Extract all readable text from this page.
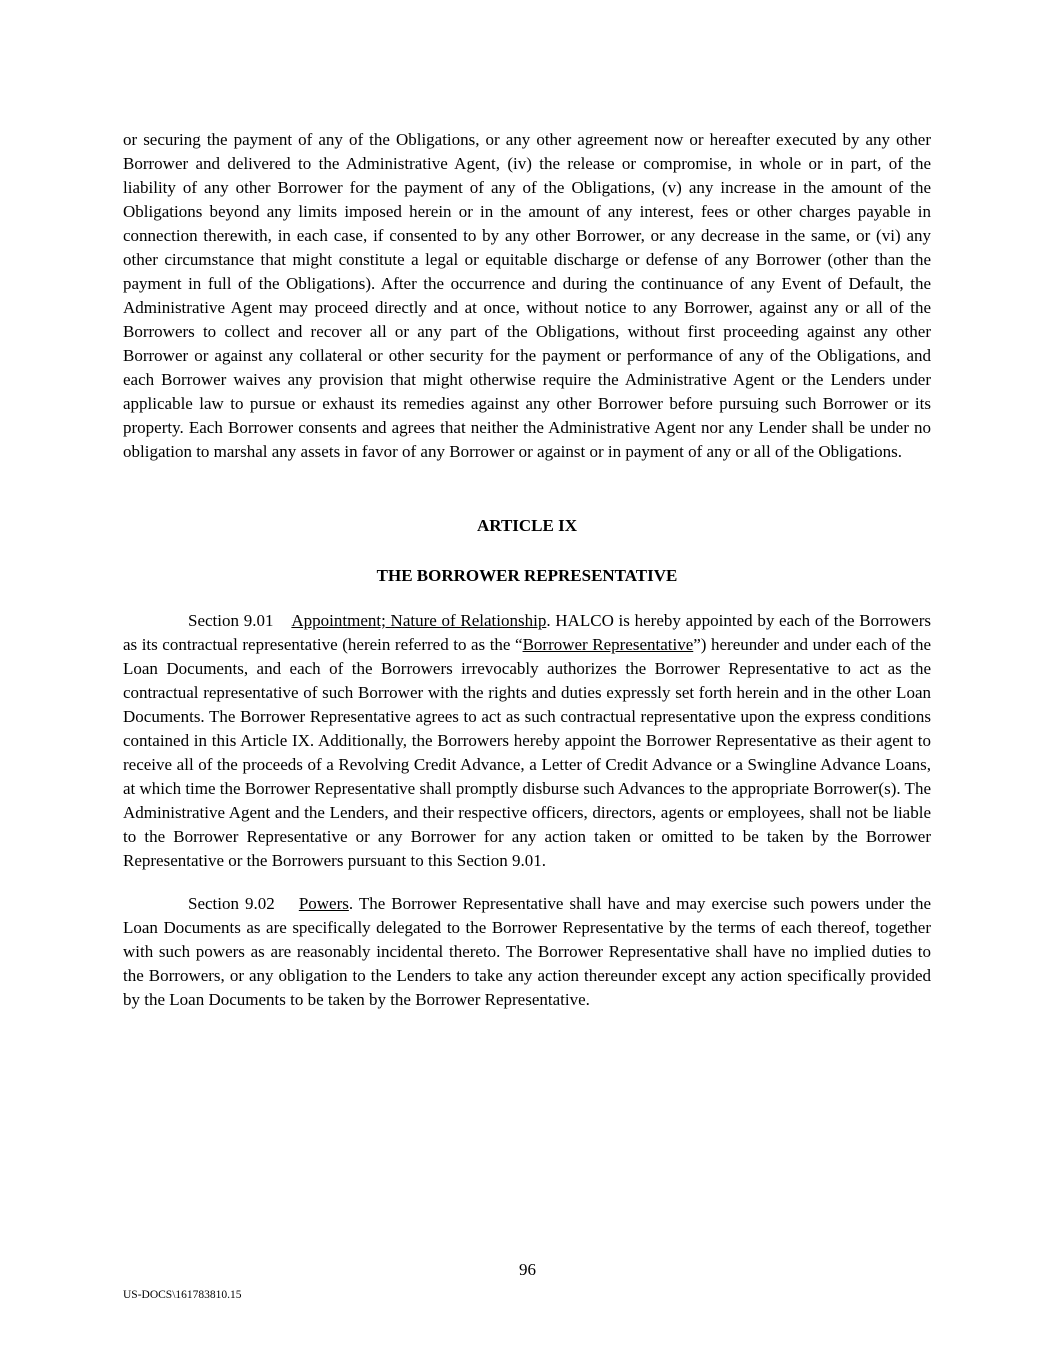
or securing the payment of any of the Obligations, or any other agreement now or hereafter executed by any other Borrower and delivered to the Administrative Agent, (iv) the release or compromise, in whole or in part, of the liability of any other Borrower for the payment of any of the Obligations, (v) any increase in the amount of the Obligations beyond any limits imposed herein or in the amount of any interest, fees or other charges payable in connection therewith, in each case, if consented to by any other Borrower, or any decrease in the same, or (vi) any other circumstance that might constitute a legal or equitable discharge or defense of any Borrower (other than the payment in full of the Obligations). After the occurrence and during the continuance of any Event of Default, the Administrative Agent may proceed directly and at once, without notice to any Borrower, against any or all of the Borrowers to collect and recover all or any part of the Obligations, without first proceeding against any other Borrower or against any collateral or other security for the payment or performance of any of the Obligations, and each Borrower waives any provision that might otherwise require the Administrative Agent or the Lenders under applicable law to pursue or exhaust its remedies against any other Borrower before pursuing such Borrower or its property. Each Borrower consents and agrees that neither the Administrative Agent nor any Lender shall be under no obligation to marshal any assets in favor of any Borrower or against or in payment of any or all of the Obligations.

ARTICLE IX
THE BORROWER REPRESENTATIVE

Section 9.01 Appointment; Nature of Relationship. HALCO is hereby appointed by each of the Borrowers as its contractual representative (herein referred to as the “Borrower Representative”) hereunder and under each of the Loan Documents, and each of the Borrowers irrevocably authorizes the Borrower Representative to act as the contractual representative of such Borrower with the rights and duties expressly set forth herein and in the other Loan Documents. The Borrower Representative agrees to act as such contractual representative upon the express conditions contained in this Article IX. Additionally, the Borrowers hereby appoint the Borrower Representative as their agent to receive all of the proceeds of a Revolving Credit Advance, a Letter of Credit Advance or a Swingline Advance Loans, at which time the Borrower Representative shall promptly disburse such Advances to the appropriate Borrower(s). The Administrative Agent and the Lenders, and their respective officers, directors, agents or employees, shall not be liable to the Borrower Representative or any Borrower for any action taken or omitted to be taken by the Borrower Representative or the Borrowers pursuant to this Section 9.01.

Section 9.02 Powers. The Borrower Representative shall have and may exercise such powers under the Loan Documents as are specifically delegated to the Borrower Representative by the terms of each thereof, together with such powers as are reasonably incidental thereto. The Borrower Representative shall have no implied duties to the Borrowers, or any obligation to the Lenders to take any action thereunder except any action specifically provided by the Loan Documents to be taken by the Borrower Representative.

96
US-DOCS\161783810.15
